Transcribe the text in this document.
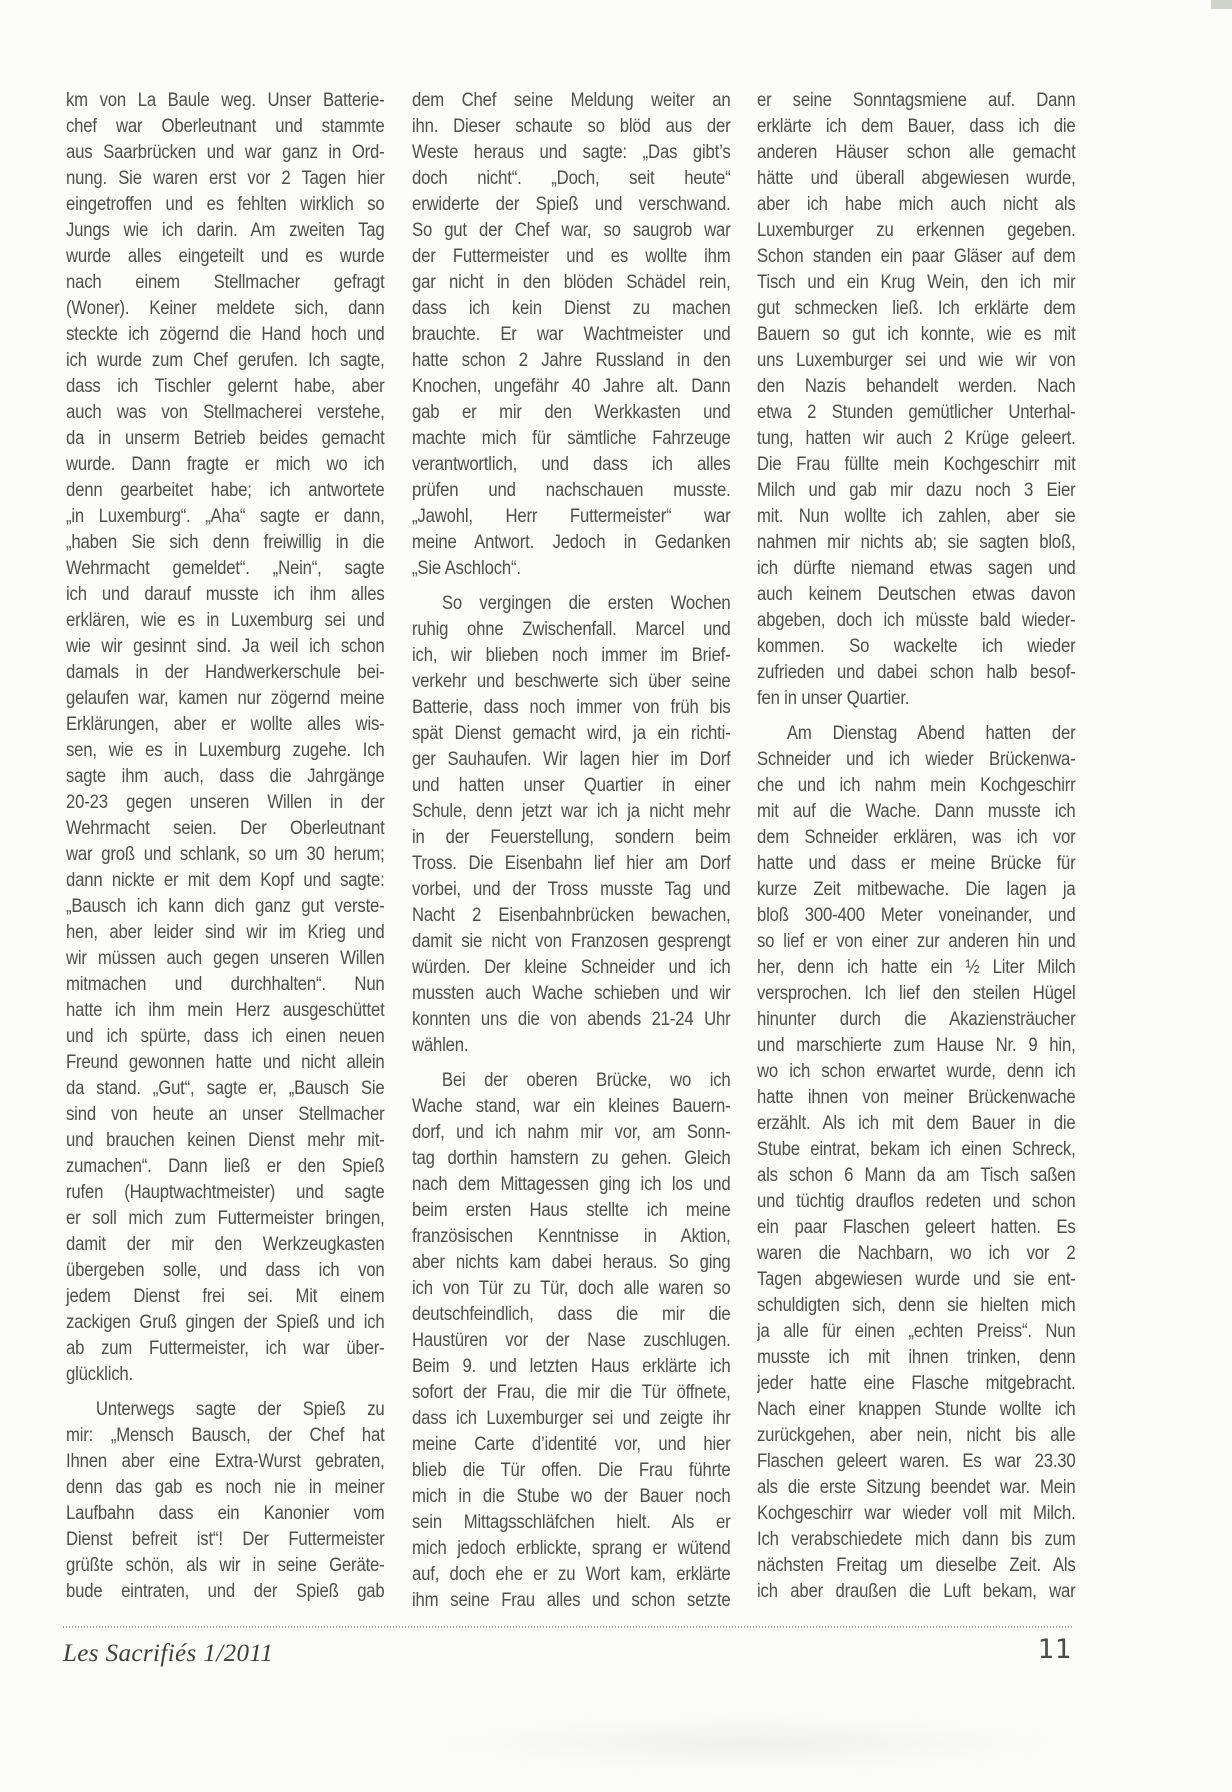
km von La Baule weg. Unser Batterie-
chef war Oberleutnant und stammte
aus Saarbrücken und war ganz in Ord-
nung. Sie waren erst vor 2 Tagen hier
eingetroffen und es fehlten wirklich so
Jungs wie ich darin. Am zweiten Tag
wurde alles eingeteilt und es wurde
nach einem Stellmacher gefragt
(Woner). Keiner meldete sich, dann
steckte ich zögernd die Hand hoch und
ich wurde zum Chef gerufen. Ich sagte,
dass ich Tischler gelernt habe, aber
auch was von Stellmacherei verstehe,
da in unserm Betrieb beides gemacht
wurde. Dann fragte er mich wo ich
denn gearbeitet habe; ich antwortete
„in Luxemburg“. „Aha“ sagte er dann,
„haben Sie sich denn freiwillig in die
Wehrmacht gemeldet“. „Nein“, sagte
ich und darauf musste ich ihm alles
erklären, wie es in Luxemburg sei und
wie wir gesinnt sind. Ja weil ich schon
damals in der Handwerkerschule bei-
gelaufen war, kamen nur zögernd meine
Erklärungen, aber er wollte alles wis-
sen, wie es in Luxemburg zugehe. Ich
sagte ihm auch, dass die Jahrgänge
20-23 gegen unseren Willen in der
Wehrmacht seien. Der Oberleutnant
war groß und schlank, so um 30 herum;
dann nickte er mit dem Kopf und sagte:
„Bausch ich kann dich ganz gut verste-
hen, aber leider sind wir im Krieg und
wir müssen auch gegen unseren Willen
mitmachen und durchhalten“. Nun
hatte ich ihm mein Herz ausgeschüttet
und ich spürte, dass ich einen neuen
Freund gewonnen hatte und nicht allein
da stand. „Gut“, sagte er, „Bausch Sie
sind von heute an unser Stellmacher
und brauchen keinen Dienst mehr mit-
zumachen“. Dann ließ er den Spieß
rufen (Hauptwachtmeister) und sagte
er soll mich zum Futtermeister bringen,
damit der mir den Werkzeugkasten
übergeben solle, und dass ich von
jedem Dienst frei sei. Mit einem
zackigen Gruß gingen der Spieß und ich
ab zum Futtermeister, ich war über-
glücklich.
Unterwegs sagte der Spieß zu
mir: „Mensch Bausch, der Chef hat
Ihnen aber eine Extra-Wurst gebraten,
denn das gab es noch nie in meiner
Laufbahn dass ein Kanonier vom
Dienst befreit ist“! Der Futtermeister
grüßte schön, als wir in seine Geräte-
bude eintraten, und der Spieß gab
dem Chef seine Meldung weiter an
ihn. Dieser schaute so blöd aus der
Weste heraus und sagte: „Das gibt’s
doch nicht“. „Doch, seit heute“
erwiderte der Spieß und verschwand.
So gut der Chef war, so saugrob war
der Futtermeister und es wollte ihm
gar nicht in den blöden Schädel rein,
dass ich kein Dienst zu machen
brauchte. Er war Wachtmeister und
hatte schon 2 Jahre Russland in den
Knochen, ungefähr 40 Jahre alt. Dann
gab er mir den Werkkasten und
machte mich für sämtliche Fahrzeuge
verantwortlich, und dass ich alles
prüfen und nachschauen musste.
„Jawohl, Herr Futtermeister“ war
meine Antwort. Jedoch in Gedanken
„Sie Aschloch“.
So vergingen die ersten Wochen
ruhig ohne Zwischenfall. Marcel und
ich, wir blieben noch immer im Brief-
verkehr und beschwerte sich über seine
Batterie, dass noch immer von früh bis
spät Dienst gemacht wird, ja ein richti-
ger Sauhaufen. Wir lagen hier im Dorf
und hatten unser Quartier in einer
Schule, denn jetzt war ich ja nicht mehr
in der Feuerstellung, sondern beim
Tross. Die Eisenbahn lief hier am Dorf
vorbei, und der Tross musste Tag und
Nacht 2 Eisenbahnbrücken bewachen,
damit sie nicht von Franzosen gesprengt
würden. Der kleine Schneider und ich
mussten auch Wache schieben und wir
konnten uns die von abends 21-24 Uhr
wählen.
Bei der oberen Brücke, wo ich
Wache stand, war ein kleines Bauern-
dorf, und ich nahm mir vor, am Sonn-
tag dorthin hamstern zu gehen. Gleich
nach dem Mittagessen ging ich los und
beim ersten Haus stellte ich meine
französischen Kenntnisse in Aktion,
aber nichts kam dabei heraus. So ging
ich von Tür zu Tür, doch alle waren so
deutschfeindlich, dass die mir die
Haustüren vor der Nase zuschlugen.
Beim 9. und letzten Haus erklärte ich
sofort der Frau, die mir die Tür öffnete,
dass ich Luxemburger sei und zeigte ihr
meine Carte d’identité vor, und hier
blieb die Tür offen. Die Frau führte
mich in die Stube wo der Bauer noch
sein Mittagsschläfchen hielt. Als er
mich jedoch erblickte, sprang er wütend
auf, doch ehe er zu Wort kam, erklärte
ihm seine Frau alles und schon setzte
er seine Sonntagsmiene auf. Dann
erklärte ich dem Bauer, dass ich die
anderen Häuser schon alle gemacht
hätte und überall abgewiesen wurde,
aber ich habe mich auch nicht als
Luxemburger zu erkennen gegeben.
Schon standen ein paar Gläser auf dem
Tisch und ein Krug Wein, den ich mir
gut schmecken ließ. Ich erklärte dem
Bauern so gut ich konnte, wie es mit
uns Luxemburger sei und wie wir von
den Nazis behandelt werden. Nach
etwa 2 Stunden gemütlicher Unterhal-
tung, hatten wir auch 2 Krüge geleert.
Die Frau füllte mein Kochgeschirr mit
Milch und gab mir dazu noch 3 Eier
mit. Nun wollte ich zahlen, aber sie
nahmen mir nichts ab; sie sagten bloß,
ich dürfte niemand etwas sagen und
auch keinem Deutschen etwas davon
abgeben, doch ich müsste bald wieder-
kommen. So wackelte ich wieder
zufrieden und dabei schon halb besof-
fen in unser Quartier.
Am Dienstag Abend hatten der
Schneider und ich wieder Brückenwa-
che und ich nahm mein Kochgeschirr
mit auf die Wache. Dann musste ich
dem Schneider erklären, was ich vor
hatte und dass er meine Brücke für
kurze Zeit mitbewache. Die lagen ja
bloß 300-400 Meter voneinander, und
so lief er von einer zur anderen hin und
her, denn ich hatte ein ½ Liter Milch
versprochen. Ich lief den steilen Hügel
hinunter durch die Akaziensträucher
und marschierte zum Hause Nr. 9 hin,
wo ich schon erwartet wurde, denn ich
hatte ihnen von meiner Brückenwache
erzählt. Als ich mit dem Bauer in die
Stube eintrat, bekam ich einen Schreck,
als schon 6 Mann da am Tisch saßen
und tüchtig drauflos redeten und schon
ein paar Flaschen geleert hatten. Es
waren die Nachbarn, wo ich vor 2
Tagen abgewiesen wurde und sie ent-
schuldigten sich, denn sie hielten mich
ja alle für einen „echten Preiss“. Nun
musste ich mit ihnen trinken, denn
jeder hatte eine Flasche mitgebracht.
Nach einer knappen Stunde wollte ich
zurückgehen, aber nein, nicht bis alle
Flaschen geleert waren. Es war 23.30
als die erste Sitzung beendet war. Mein
Kochgeschirr war wieder voll mit Milch.
Ich verabschiedete mich dann bis zum
nächsten Freitag um dieselbe Zeit. Als
ich aber draußen die Luft bekam, war
Les Sacrifiés 1/2011	11
